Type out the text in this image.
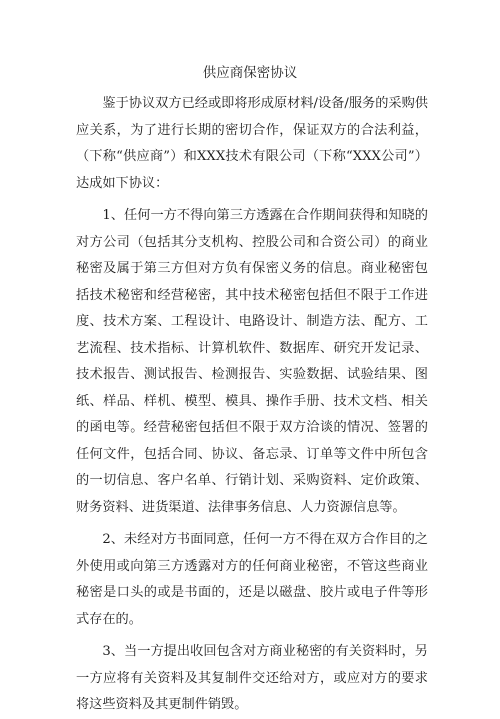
供应商保密协议

鉴于协议双方已经或即将形成原材料/设备/服务的采购供应关系，为了进行长期的密切合作，保证双方的合法利益，（下称“供应商”）和XXX技术有限公司（下称“XXX公司”）达成如下协议：

1、任何一方不得向第三方透露在合作期间获得和知晓的对方公司（包括其分支机构、控股公司和合资公司）的商业秘密及属于第三方但对方负有保密义务的信息。商业秘密包括技术秘密和经营秘密，其中技术秘密包括但不限于工作进度、技术方案、工程设计、电路设计、制造方法、配方、工艺流程、技术指标、计算机软件、数据库、研究开发记录、技术报告、测试报告、检测报告、实验数据、试验结果、图纸、样品、样机、模型、模具、操作手册、技术文档、相关的函电等。经营秘密包括但不限于双方洽谈的情况、签署的任何文件，包括合同、协议、备忘录、订单等文件中所包含的一切信息、客户名单、行销计划、采购资料、定价政策、财务资料、进货渠道、法律事务信息、人力资源信息等。

2、未经对方书面同意，任何一方不得在双方合作目的之外使用或向第三方透露对方的任何商业秘密，不管这些商业秘密是口头的或是书面的，还是以磁盘、胶片或电子件等形式存在的。

3、当一方提出收回包含对方商业秘密的有关资料时，另一方应将有关资料及其复制件交还给对方，或应对方的要求将这些资料及其更制件销毁。
